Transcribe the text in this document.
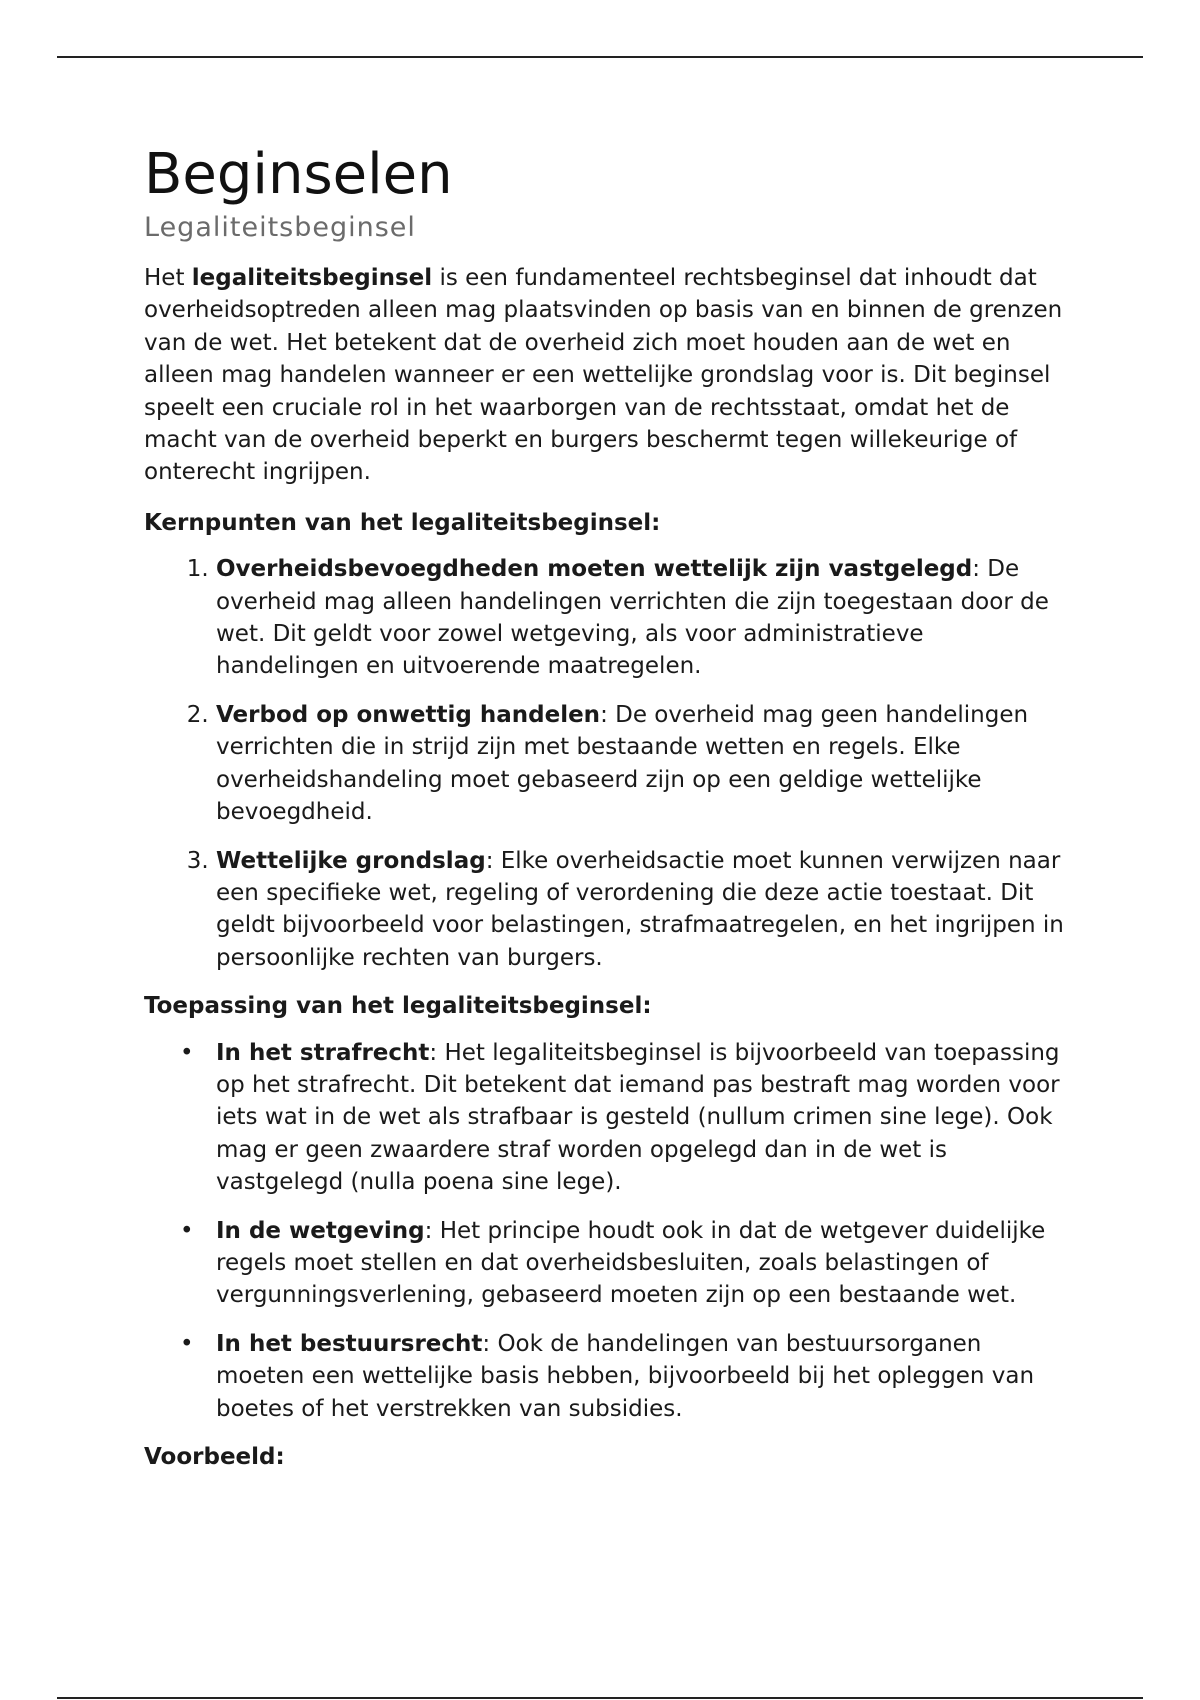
Beginselen
Legaliteitsbeginsel

Het legaliteitsbeginsel is een fundamenteel rechtsbeginsel dat inhoudt dat overheidsoptreden alleen mag plaatsvinden op basis van en binnen de grenzen van de wet. Het betekent dat de overheid zich moet houden aan de wet en alleen mag handelen wanneer er een wettelijke grondslag voor is. Dit beginsel speelt een cruciale rol in het waarborgen van de rechtsstaat, omdat het de macht van de overheid beperkt en burgers beschermt tegen willekeurige of onterecht ingrijpen.

Kernpunten van het legaliteitsbeginsel:

1. Overheidsbevoegdheden moeten wettelijk zijn vastgelegd: De overheid mag alleen handelingen verrichten die zijn toegestaan door de wet. Dit geldt voor zowel wetgeving, als voor administratieve handelingen en uitvoerende maatregelen.
2. Verbod op onwettig handelen: De overheid mag geen handelingen verrichten die in strijd zijn met bestaande wetten en regels. Elke overheidshandeling moet gebaseerd zijn op een geldige wettelijke bevoegdheid.
3. Wettelijke grondslag: Elke overheidsactie moet kunnen verwijzen naar een specifieke wet, regeling of verordening die deze actie toestaat. Dit geldt bijvoorbeeld voor belastingen, strafmaatregelen, en het ingrijpen in persoonlijke rechten van burgers.

Toepassing van het legaliteitsbeginsel:

• In het strafrecht: Het legaliteitsbeginsel is bijvoorbeeld van toepassing op het strafrecht. Dit betekent dat iemand pas bestraft mag worden voor iets wat in de wet als strafbaar is gesteld (nullum crimen sine lege). Ook mag er geen zwaardere straf worden opgelegd dan in de wet is vastgelegd (nulla poena sine lege).
• In de wetgeving: Het principe houdt ook in dat de wetgever duidelijke regels moet stellen en dat overheidsbesluiten, zoals belastingen of vergunningsverlening, gebaseerd moeten zijn op een bestaande wet.
• In het bestuursrecht: Ook de handelingen van bestuursorganen moeten een wettelijke basis hebben, bijvoorbeeld bij het opleggen van boetes of het verstrekken van subsidies.

Voorbeeld:
